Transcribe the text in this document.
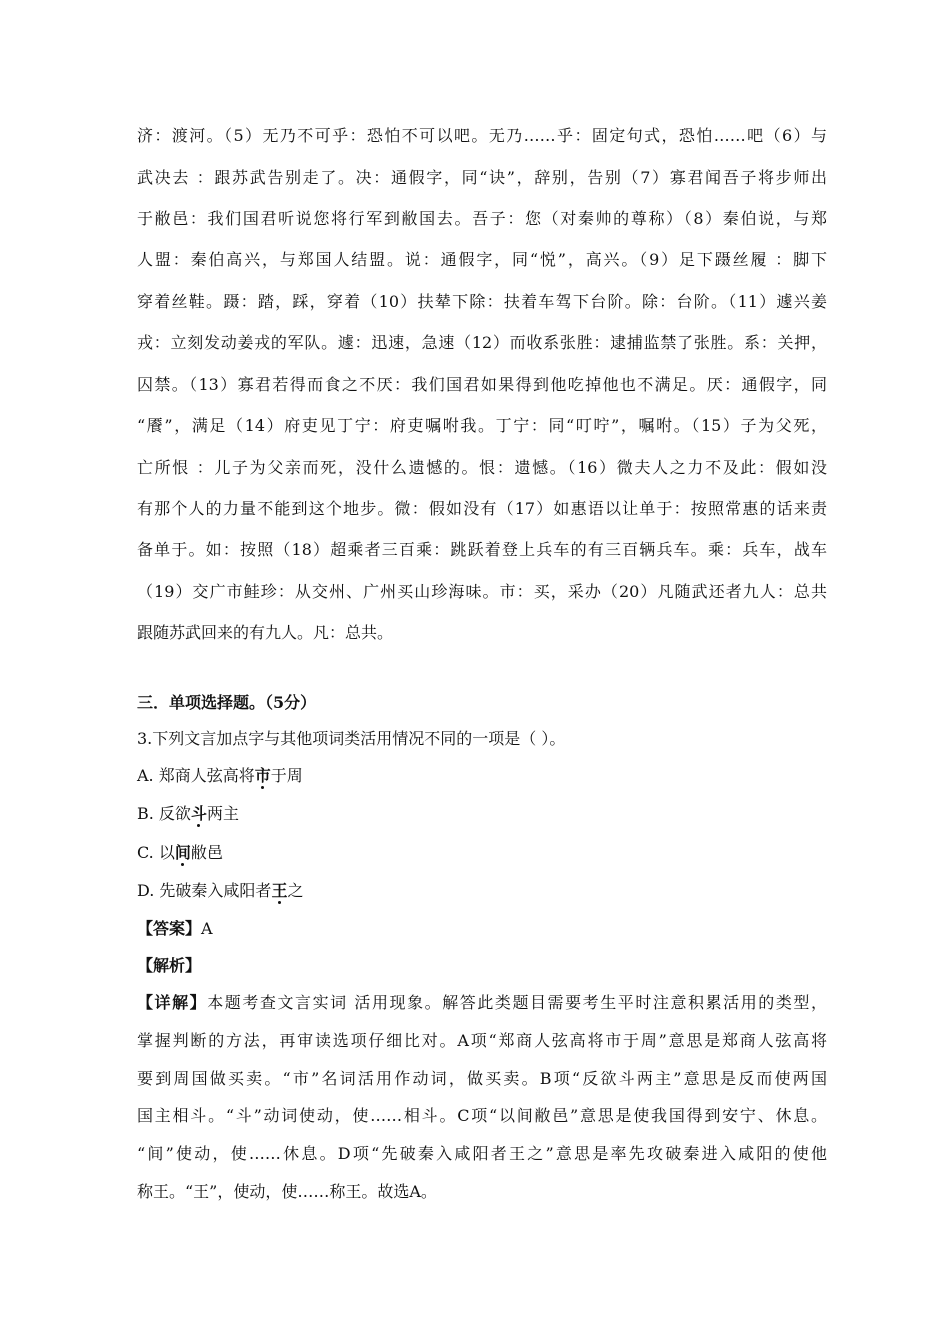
济：渡河。（5）无乃不可乎：恐怕不可以吧。无乃……乎：固定句式，恐怕……吧（6）与
武决去 ：跟苏武告别走了。决：通假字，同“诀”，辞别，告别（7）寡君闻吾子将步师出
于敝邑：我们国君听说您将行军到敝国去。吾子：您（对秦帅的尊称）（8）秦伯说，与郑
人盟：秦伯高兴，与郑国人结盟。说：通假字，同“悦”，高兴。（9）足下蹑丝履 ：脚下
穿着丝鞋。蹑：踏，踩，穿着（10）扶辇下除：扶着车驾下台阶。除：台阶。（11）遽兴姜
戎：立刻发动姜戎的军队。遽：迅速，急速（12）而收系张胜：逮捕监禁了张胜。系：关押，
囚禁。（13）寡君若得而食之不厌：我们国君如果得到他吃掉他也不满足。厌：通假字，同
“餍”，满足（14）府吏见丁宁：府吏嘱咐我。丁宁：同“叮咛”，嘱咐。（15）子为父死，
亡所恨 ：儿子为父亲而死，没什么遗憾的。恨：遗憾。（16）微夫人之力不及此：假如没
有那个人的力量不能到这个地步。微：假如没有（17）如惠语以让单于：按照常惠的话来责
备单于。如：按照（18）超乘者三百乘：跳跃着登上兵车的有三百辆兵车。乘：兵车，战车
（19）交广市鲑珍：从交州、广州买山珍海味。市：买，采办（20）凡随武还者九人：总共
跟随苏武回来的有九人。凡：总共。
三．单项选择题。（5分）
3.下列文言加点字与其他项词类活用情况不同的一项是（ ）。
A. 郑商人弦高将市于周
B. 反欲斗两主
C. 以间敝邑
D. 先破秦入咸阳者王之
【答案】A
【解析】
【详解】本题考查文言实词 活用现象。解答此类题目需要考生平时注意积累活用的类型，
掌握判断的方法，再审读选项仔细比对。A项“郑商人弦高将市于周”意思是郑商人弦高将
要到周国做买卖。“市”名词活用作动词，做买卖。B项“反欲斗两主”意思是反而使两国
国主相斗。“斗”动词使动，使……相斗。C项“以间敝邑”意思是使我国得到安宁、休息。
“间”使动，使……休息。D项“先破秦入咸阳者王之”意思是率先攻破秦进入咸阳的使他
称王。“王”，使动，使……称王。故选A。
